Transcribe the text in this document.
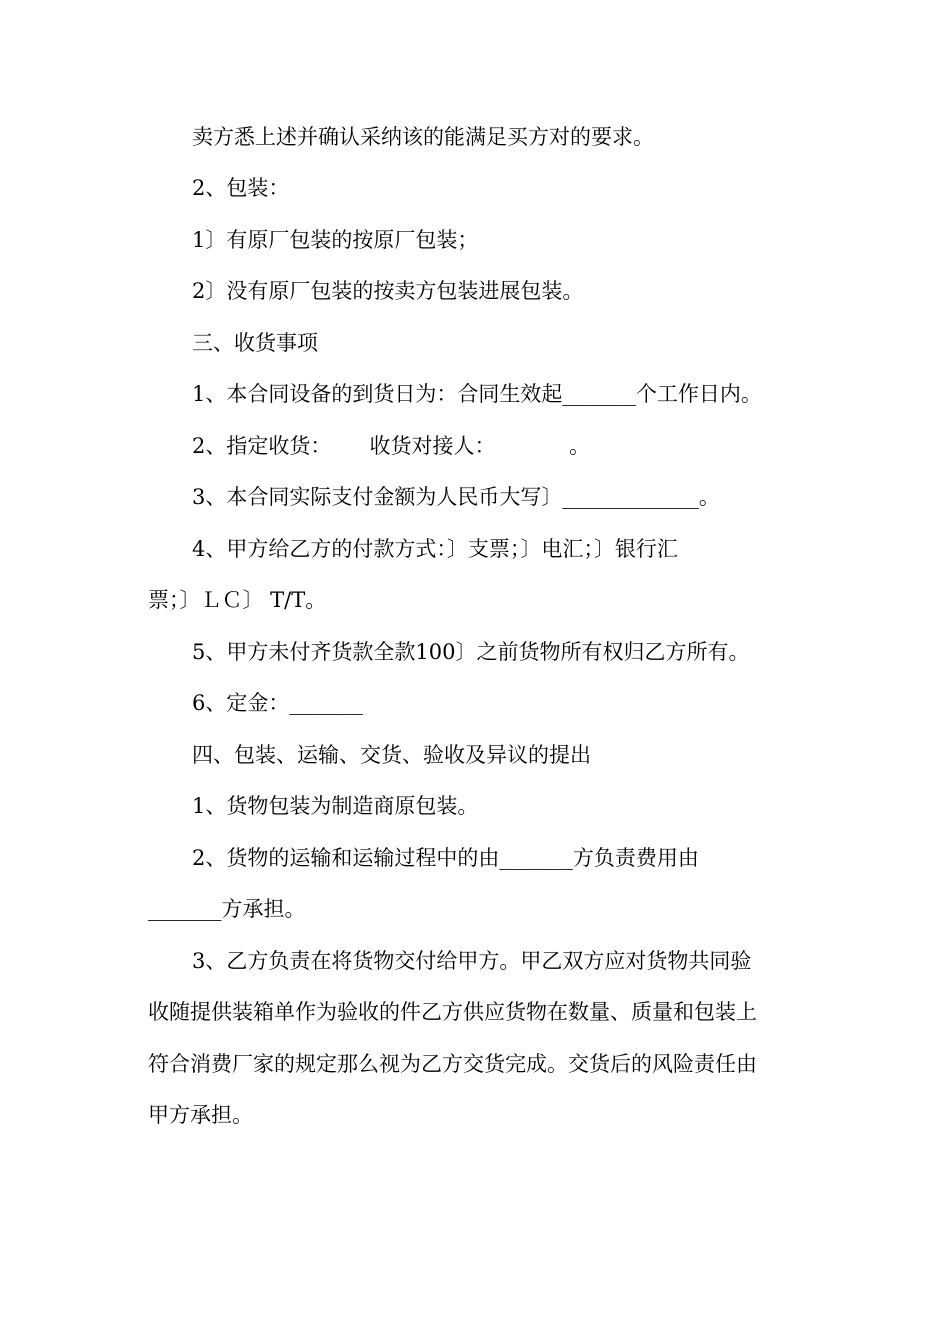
卖方悉上述并确认采纳该的能满足买方对的要求。

2、包装：

1〕有原厂包装的按原厂包装；

2〕没有原厂包装的按卖方包装进展包装。

三、收货事项

1、本合同设备的到货日为：合同生效起_______个工作日内。

2、指定收货：　　 收货对接人：　　　　。

3、本合同实际支付金额为人民币大写〕_____________。

4、甲方给乙方的付款方式：〕支票；〕电汇；〕银行汇

票；〕ＬＣ〕 T/T。

5、甲方未付齐货款全款100〕之前货物所有权归乙方所有。

6、定金：_______

四、包装、运输、交货、验收及异议的提出

1、货物包装为制造商原包装。

2、货物的运输和运输过程中的由_______方负责费用由

_______方承担。

3、乙方负责在将货物交付给甲方。甲乙双方应对货物共同验

收随提供装箱单作为验收的件乙方供应货物在数量、质量和包装上

符合消费厂家的规定那么视为乙方交货完成。交货后的风险责任由

甲方承担。
